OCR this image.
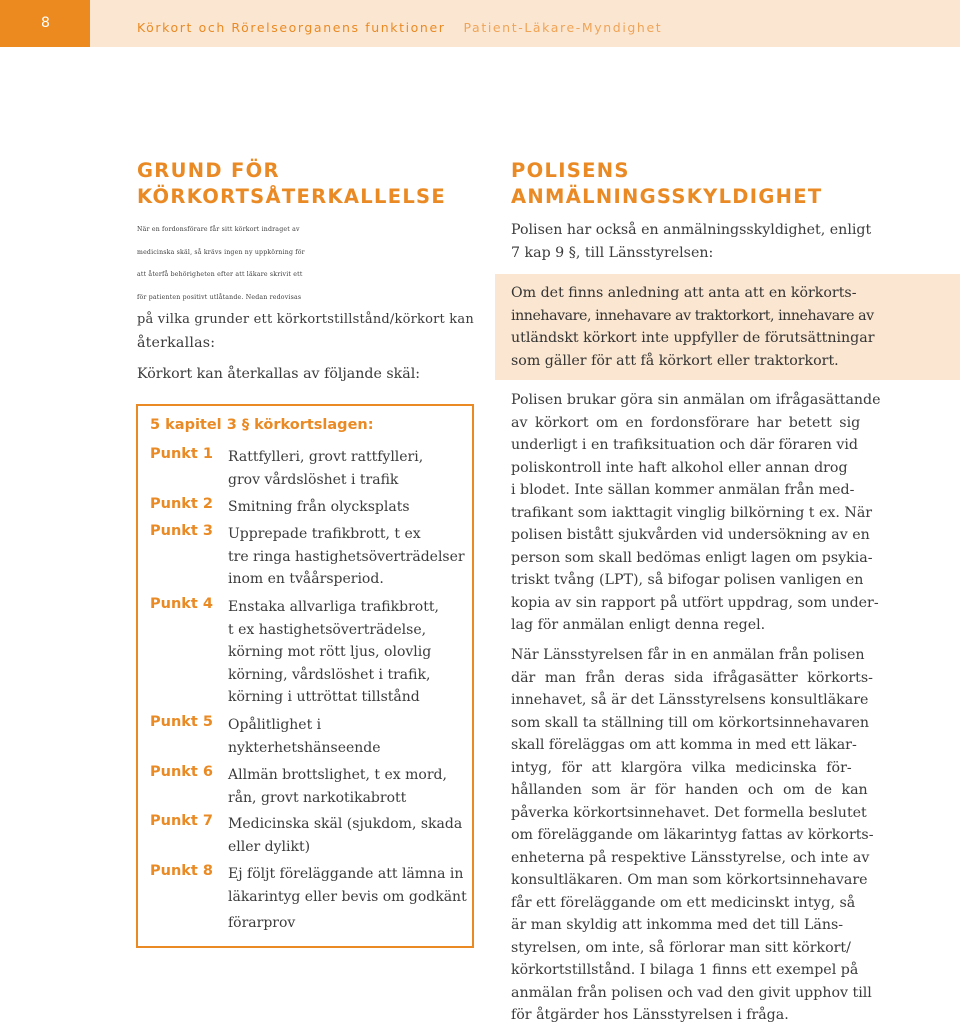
8	Körkort och Rörelseorganens funktioner Patient-Läkare-Myndighet
GRUND FÖR
KÖRKORTSÅTERKALLELSE

När en fordonsförare får sitt körkort indraget av

medicinska skäl, så krävs ingen ny uppkörning för

att återfå behörigheten efter att läkare skrivit ett

för patienten positivt utlåtande. Nedan redovisas

på vilka grunder ett körkortstillstånd/körkort kan

återkallas:

Körkort kan återkallas av följande skäl:

5 kapitel 3 § körkortslagen:
Punkt 1 Rattfylleri, grovt rattfylleri,

grov vårdslöshet i trafik

Punkt 2 Smitning från olycksplats

Punkt 3 Upprepade trafikbrott, t ex

tre ringa hastighetsöverträdelser

inom en tvåårsperiod.

Punkt 4 Enstaka allvarliga trafikbrott,

t ex hastighetsöverträdelse,

körning mot rött ljus, olovlig

körning, vårdslöshet i trafik,

körning i uttröttat tillstånd

Punkt 5 Opålitlighet i

nykterhetshänseende

Punkt 6 Allmän brottslighet, t ex mord,

rån, grovt narkotikabrott

Punkt 7 Medicinska skäl (sjukdom, skada

eller dylikt)

Punkt 8 Ej följt föreläggande att lämna in

läkarintyg eller bevis om godkänt

förarprov

POLISENS
ANMÄLNINGSSKYLDIGHET

Polisen har också en anmälningsskyldighet, enligt

7 kap 9 §, till Länsstyrelsen:

Om det finns anledning att anta att en körkorts-

innehavare, innehavare av traktorkort, innehavare av

utländskt körkort inte uppfyller de förutsättningar

som gäller för att få körkort eller traktorkort.

Polisen brukar göra sin anmälan om ifrågasättande

av körkort om en fordonsförare har betett sig

underligt i en trafiksituation och där föraren vid

poliskontroll inte haft alkohol eller annan drog

i blodet. Inte sällan kommer anmälan från med-

trafikant som iakttagit vinglig bilkörning t ex. När

polisen bistått sjukvården vid undersökning av en

person som skall bedömas enligt lagen om psykia-

triskt tvång (LPT), så bifogar polisen vanligen en

kopia av sin rapport på utfört uppdrag, som under-

lag för anmälan enligt denna regel.

När Länsstyrelsen får in en anmälan från polisen

där man från deras sida ifrågasätter körkorts-

innehavet, så är det Länsstyrelsens konsultläkare

som skall ta ställning till om körkortsinnehavaren

skall föreläggas om att komma in med ett läkar-

intyg, för att klargöra vilka medicinska för-

hållanden som är för handen och om de kan

påverka körkortsinnehavet. Det formella beslutet

om föreläggande om läkarintyg fattas av körkorts-

enheterna på respektive Länsstyrelse, och inte av

konsultläkaren. Om man som körkortsinnehavare

får ett föreläggande om ett medicinskt intyg, så

är man skyldig att inkomma med det till Läns-

styrelsen, om inte, så förlorar man sitt körkort/

körkortstillstånd. I bilaga 1 finns ett exempel på

anmälan från polisen och vad den givit upphov till

för åtgärder hos Länsstyrelsen i fråga.
